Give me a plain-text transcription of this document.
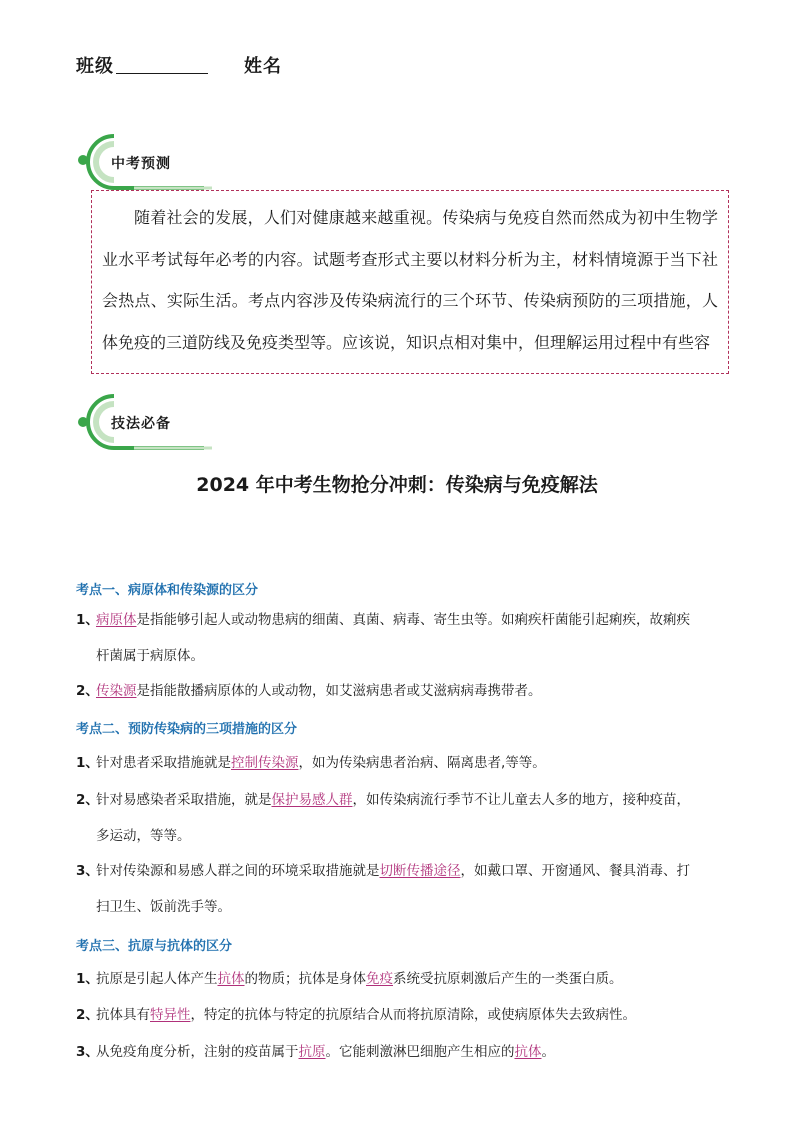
班级	姓名
中考预测

随着社会的发展，人们对健康越来越重视。传染病与免疫自然而然成为初中生物学业水平考试每年必考的内容。试题考查形式主要以材料分析为主，材料情境源于当下社会热点、实际生活。考点内容涉及传染病流行的三个环节、传染病预防的三项措施，人体免疫的三道防线及免疫类型等。应该说，知识点相对集中，但理解运用过程中有些容

技法必备
2024 年中考生物抢分冲刺：传染病与免疫解法
考点一、病原体和传染源的区分
1、病原体是指能够引起人或动物患病的细菌、真菌、病毒、寄生虫等。如痢疾杆菌能引起痢疾，故痢疾
杆菌属于病原体。
2、传染源是指能散播病原体的人或动物，如艾滋病患者或艾滋病病毒携带者。
考点二、预防传染病的三项措施的区分
1、针对患者采取措施就是控制传染源，如为传染病患者治病、隔离患者,等等。
2、针对易感染者采取措施，就是保护易感人群，如传染病流行季节不让儿童去人多的地方，接种疫苗，
多运动，等等。
3、针对传染源和易感人群之间的环境采取措施就是切断传播途径，如戴口罩、开窗通风、餐具消毒、打
扫卫生、饭前洗手等。
考点三、抗原与抗体的区分
1、抗原是引起人体产生抗体的物质；抗体是身体免疫系统受抗原刺激后产生的一类蛋白质。
2、抗体具有特异性，特定的抗体与特定的抗原结合从而将抗原清除，或使病原体失去致病性。
3、从免疫角度分析，注射的疫苗属于抗原。它能刺激淋巴细胞产生相应的抗体。
